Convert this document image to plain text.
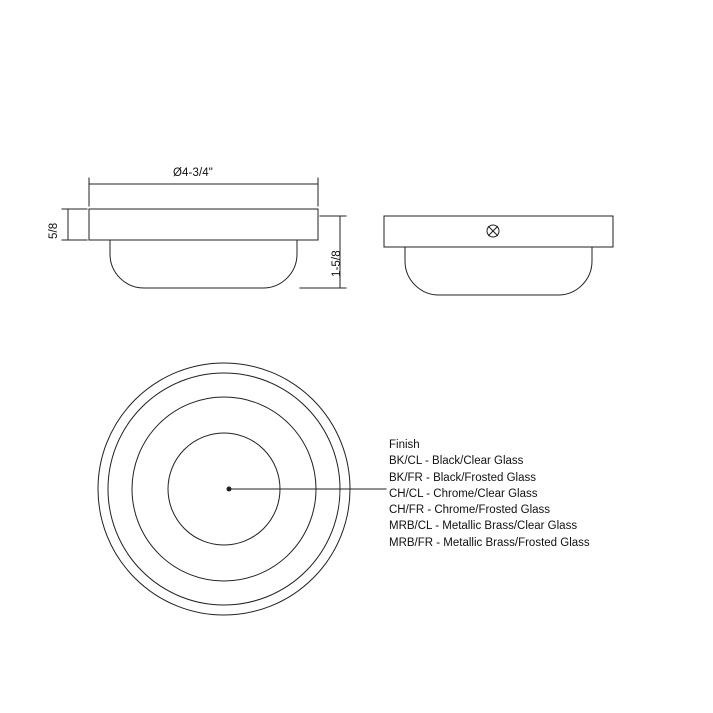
Ø4-3/4"
5/8
1-5/8
Finish
BK/CL - Black/Clear Glass
BK/FR - Black/Frosted Glass
CH/CL - Chrome/Clear Glass
CH/FR - Chrome/Frosted Glass
MRB/CL - Metallic Brass/Clear Glass
MRB/FR - Metallic Brass/Frosted Glass
